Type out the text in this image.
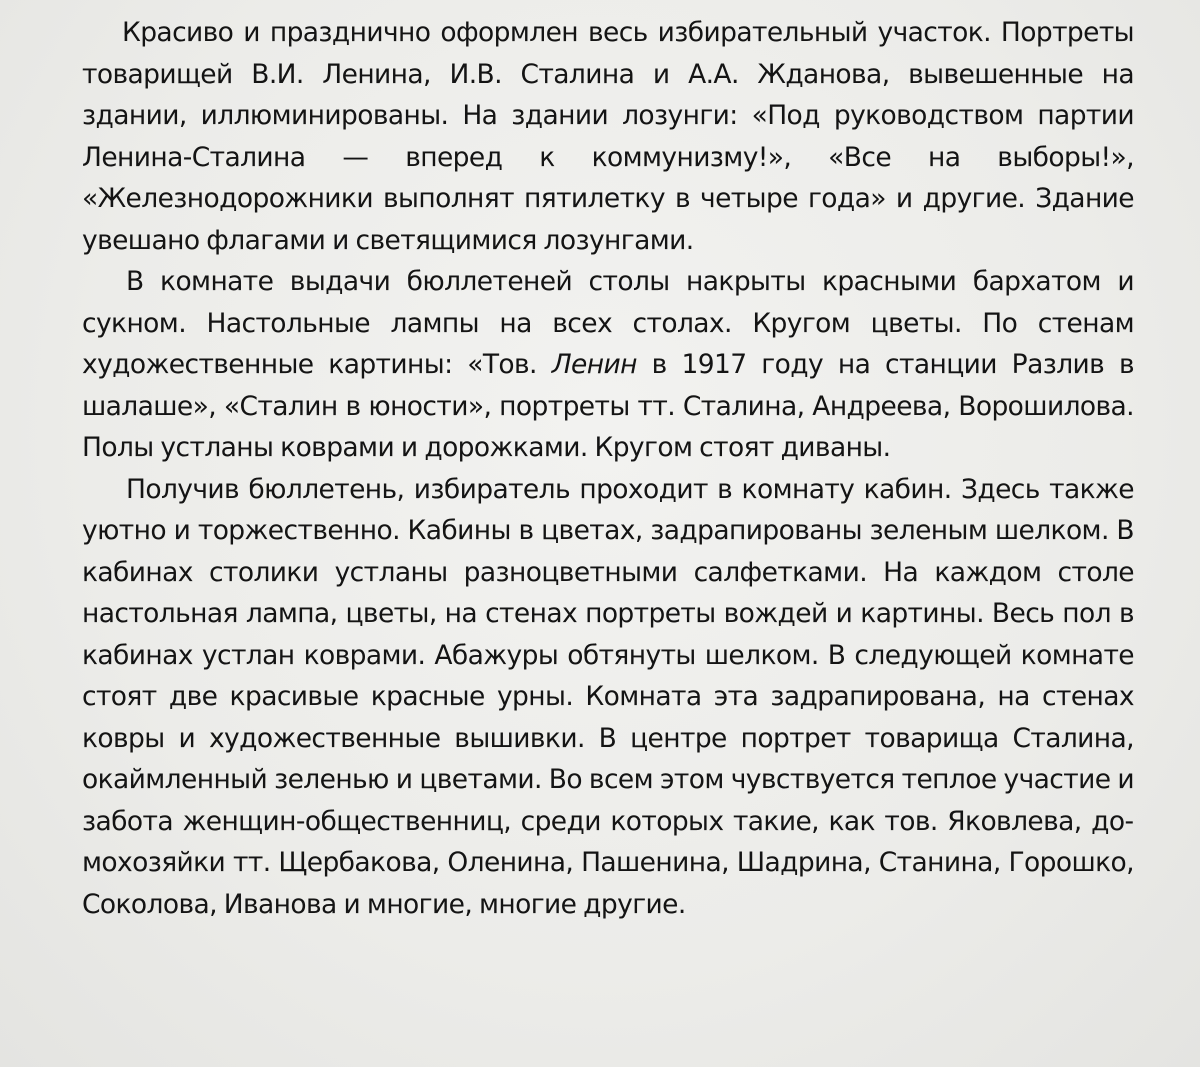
Красиво и празднично оформлен весь избирательный участок. Портреты товарищей В.И. Ленина, И.В. Сталина и А.А. Жданова, вывешенные на здании, иллюминированы. На здании лозунги: «Под руководством партии Ленина-Сталина — вперед к коммунизму!», «Все на выборы!», «Железнодорожники выполнят пятилетку в четыре года» и другие. Здание увешано флагами и светящимися лозунгами.

В комнате выдачи бюллетеней столы накрыты красными бархатом и сукном. Настольные лампы на всех столах. Кругом цветы. По стенам художественные картины: «Тов. Ленин в 1917 году на станции Разлив в шалаше», «Сталин в юности», портреты тт. Сталина, Андреева, Ворошилова. Полы устланы коврами и дорожками. Кругом стоят диваны.

Получив бюллетень, избиратель проходит в комнату кабин. Здесь также уютно и торжественно. Кабины в цветах, задрапированы зеленым шелком. В кабинах столики устланы разноцветными салфетками. На каждом столе настольная лампа, цветы, на стенах портреты вождей и картины. Весь пол в кабинах устлан коврами. Абажуры обтянуты шелком. В следующей комнате стоят две красивые красные урны. Комната эта задрапирована, на стенах ковры и художественные вышивки. В центре портрет товарища Сталина, окаймленный зеленью и цветами. Во всем этом чувствуется теплое участие и забота женщин-общественниц, среди которых такие, как тов. Яковлева, домохозяйки тт. Щербакова, Оленина, Пашенина, Шадрина, Станина, Горошко, Соколова, Иванова и многие, многие другие.
